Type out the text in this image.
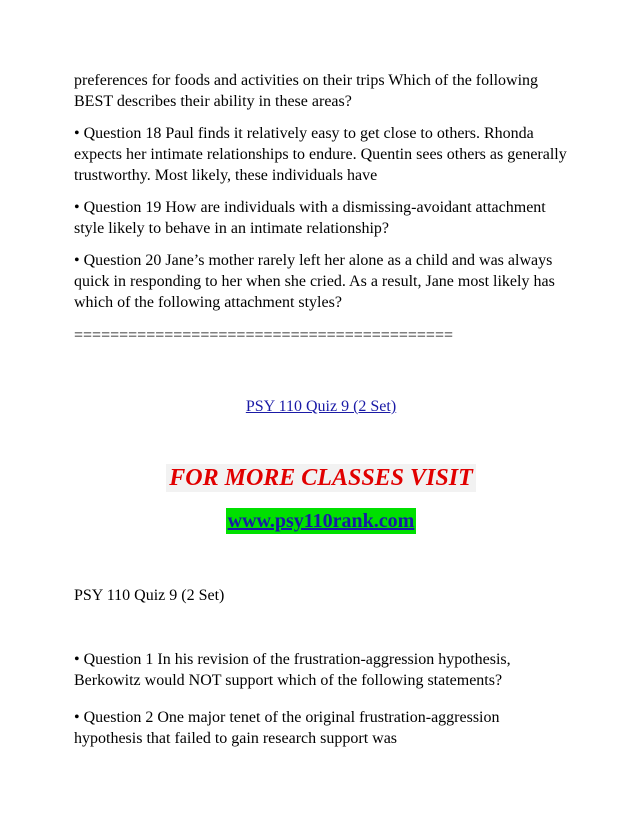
preferences for foods and activities on their trips Which of the following BEST describes their ability in these areas?

• Question 18 Paul finds it relatively easy to get close to others. Rhonda expects her intimate relationships to endure. Quentin sees others as generally trustworthy. Most likely, these individuals have

• Question 19 How are individuals with a dismissing-avoidant attachment style likely to behave in an intimate relationship?

• Question 20 Jane’s mother rarely left her alone as a child and was always quick in responding to her when she cried. As a result, Jane most likely has which of the following attachment styles?

==========================================
PSY 110 Quiz 9 (2 Set)
FOR MORE CLASSES VISIT
www.psy110rank.com

PSY 110 Quiz 9 (2 Set)

• Question 1 In his revision of the frustration-aggression hypothesis, Berkowitz would NOT support which of the following statements?

• Question 2 One major tenet of the original frustration-aggression hypothesis that failed to gain research support was
